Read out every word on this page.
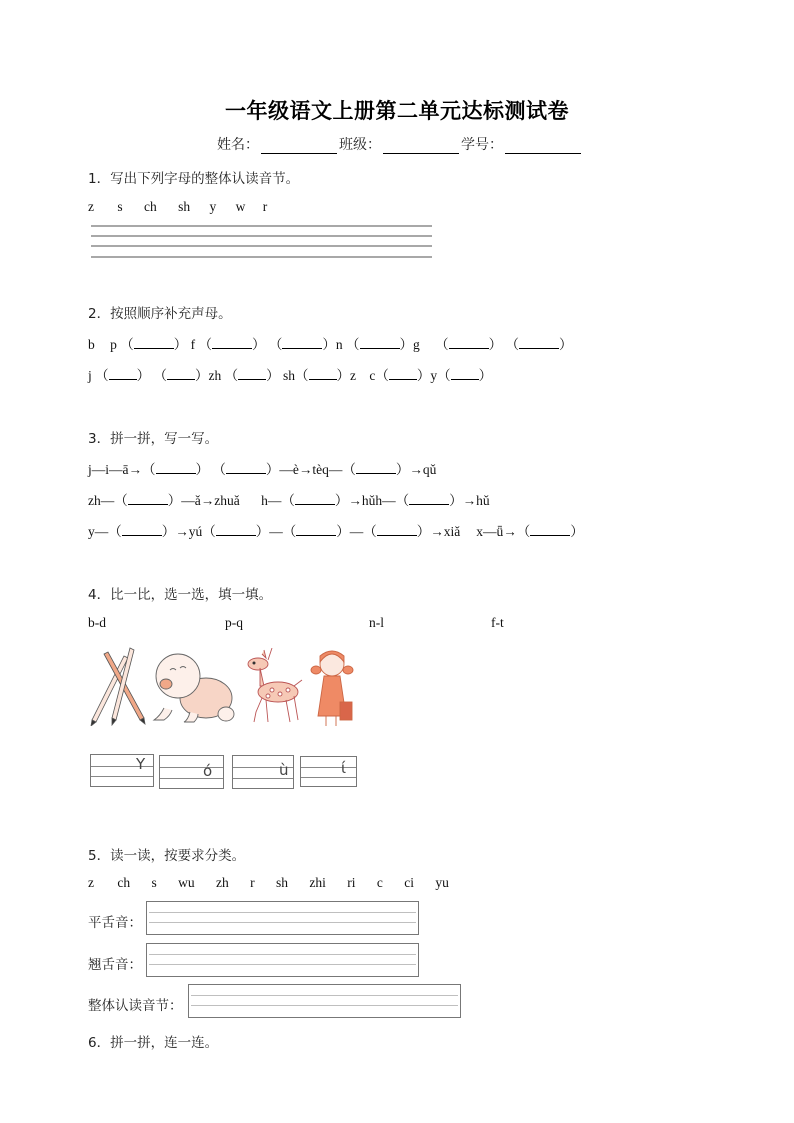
一年级语文上册第二单元达标测试卷
姓名：	班级：	学号：
1．写出下列字母的整体认读音节。
z s ch sh y w r
2．按照顺序补充声母。
b p （	） f （	） （	）n （	）g （	） （	）
j （ ） （ ）zh （ ） sh（ ）z c（ ）y（ ）
3．拼一拼，写一写。
j—i—ā→（	） （	）—è→tèq—（	）→qǔ
zh—（	）—ǎ→zhuǎ h—（	）→hǔh—（	）→hǔ
y—（	）→yú（	）—（	）—（	）→xiǎ x—ǖ→（	）
4．比一比，选一选，填一填。
b-d	p-q	n-l	f-t
Y	ó	ù	ɩ́
5．读一读，按要求分类。
z ch s wu zh r sh zhi ri c ci yu
平舌音：
翘舌音：
整体认读音节：
6．拼一拼，连一连。
